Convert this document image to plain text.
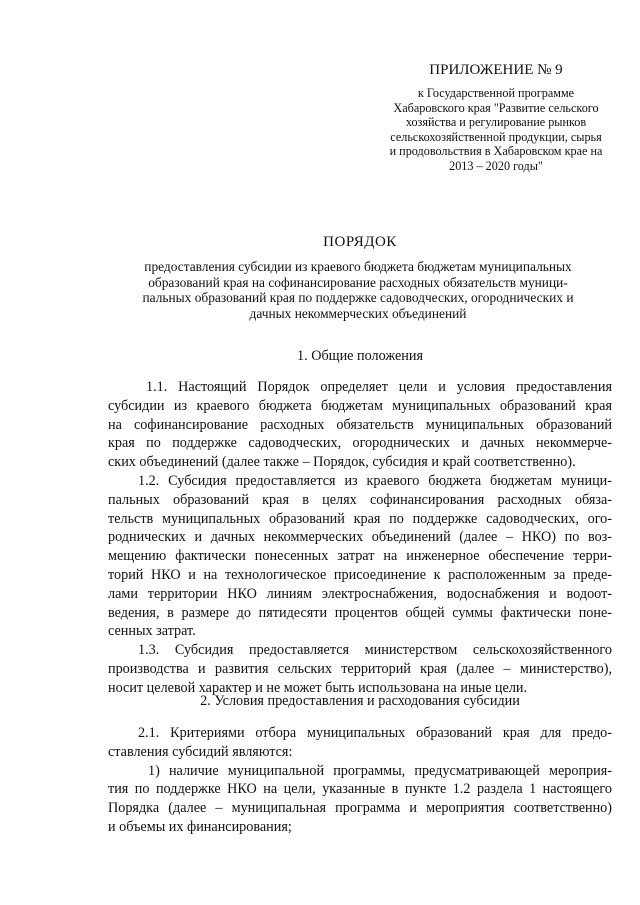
ПРИЛОЖЕНИЕ № 9
к Государственной программе
Хабаровского края "Развитие сельского
хозяйства и регулирование рынков
сельскохозяйственной продукции, сырья
и продовольствия в Хабаровском крае на
2013 – 2020 годы"
ПОРЯДОК
предоставления субсидии из краевого бюджета бюджетам муниципальных
образований края на софинансирование расходных обязательств муници-
пальных образований края по поддержке садоводческих, огороднических и
дачных некоммерческих объединений
1. Общие положения
1.1. Настоящий Порядок определяет цели и условия предоставления
субсидии из краевого бюджета бюджетам муниципальных образований края
на софинансирование расходных обязательств муниципальных образований
края по поддержке садоводческих, огороднических и дачных некоммерче-
ских объединений (далее также – Порядок, субсидия и край соответственно).
1.2. Субсидия предоставляется из краевого бюджета бюджетам муници-
пальных образований края в целях софинансирования расходных обяза-
тельств муниципальных образований края по поддержке садоводческих, ого-
роднических и дачных некоммерческих объединений (далее – НКО) по воз-
мещению фактически понесенных затрат на инженерное обеспечение терри-
торий НКО и на технологическое присоединение к расположенным за преде-
лами территории НКО линиям электроснабжения, водоснабжения и водоот-
ведения, в размере до пятидесяти процентов общей суммы фактически поне-
сенных затрат.
1.3. Субсидия предоставляется министерством сельскохозяйственного
производства и развития сельских территорий края (далее – министерство),
носит целевой характер и не может быть использована на иные цели.
2. Условия предоставления и расходования субсидии
2.1. Критериями отбора муниципальных образований края для предо-
ставления субсидий являются:
1) наличие муниципальной программы, предусматривающей мероприя-
тия по поддержке НКО на цели, указанные в пункте 1.2 раздела 1 настоящего
Порядка (далее – муниципальная программа и мероприятия соответственно)
и объемы их финансирования;
